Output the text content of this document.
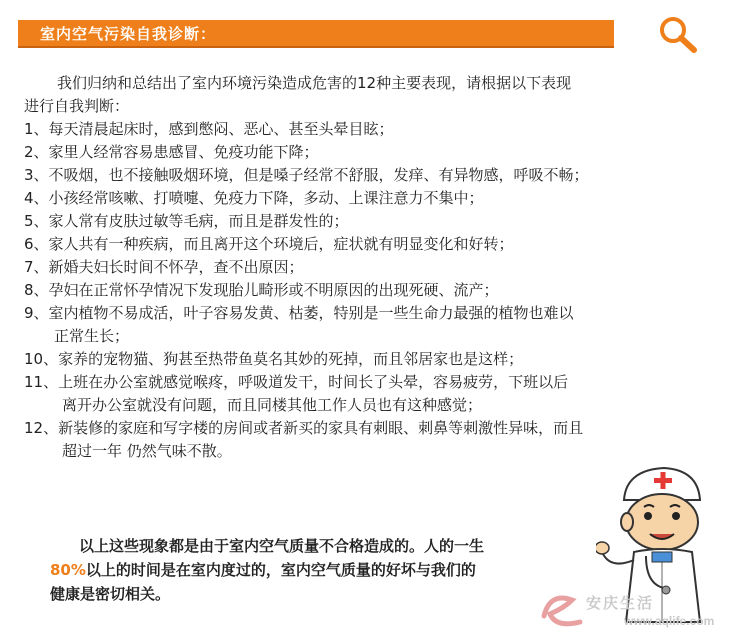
室内空气污染自我诊断：
我们归纳和总结出了室内环境污染造成危害的12种主要表现，请根据以下表现
进行自我判断：
1、每天清晨起床时，感到憋闷、恶心、甚至头晕目眩；
2、家里人经常容易患感冒、免疫功能下降；
3、不吸烟，也不接触吸烟环境，但是嗓子经常不舒服，发痒、有异物感，呼吸不畅；
4、小孩经常咳嗽、打喷嚏、免疫力下降，多动、上课注意力不集中；
5、家人常有皮肤过敏等毛病，而且是群发性的；
6、家人共有一种疾病，而且离开这个环境后，症状就有明显变化和好转；
7、新婚夫妇长时间不怀孕，查不出原因；
8、孕妇在正常怀孕情况下发现胎儿畸形或不明原因的出现死硬、流产；
9、室内植物不易成活，叶子容易发黄、枯萎，特别是一些生命力最强的植物也难以
正常生长；
10、家养的宠物猫、狗甚至热带鱼莫名其妙的死掉，而且邻居家也是这样；
11、上班在办公室就感觉喉疼，呼吸道发干，时间长了头晕，容易疲劳，下班以后
离开办公室就没有问题，而且同楼其他工作人员也有这种感觉；
12、新装修的家庭和写字楼的房间或者新买的家具有刺眼、刺鼻等刺激性异味，而且
超过一年 仍然气味不散。
以上这些现象都是由于室内空气质量不合格造成的。人的一生
80%以上的时间是在室内度过的，室内空气质量的好坏与我们的
健康是密切相关。	安庆生活
www.aqlife.com
